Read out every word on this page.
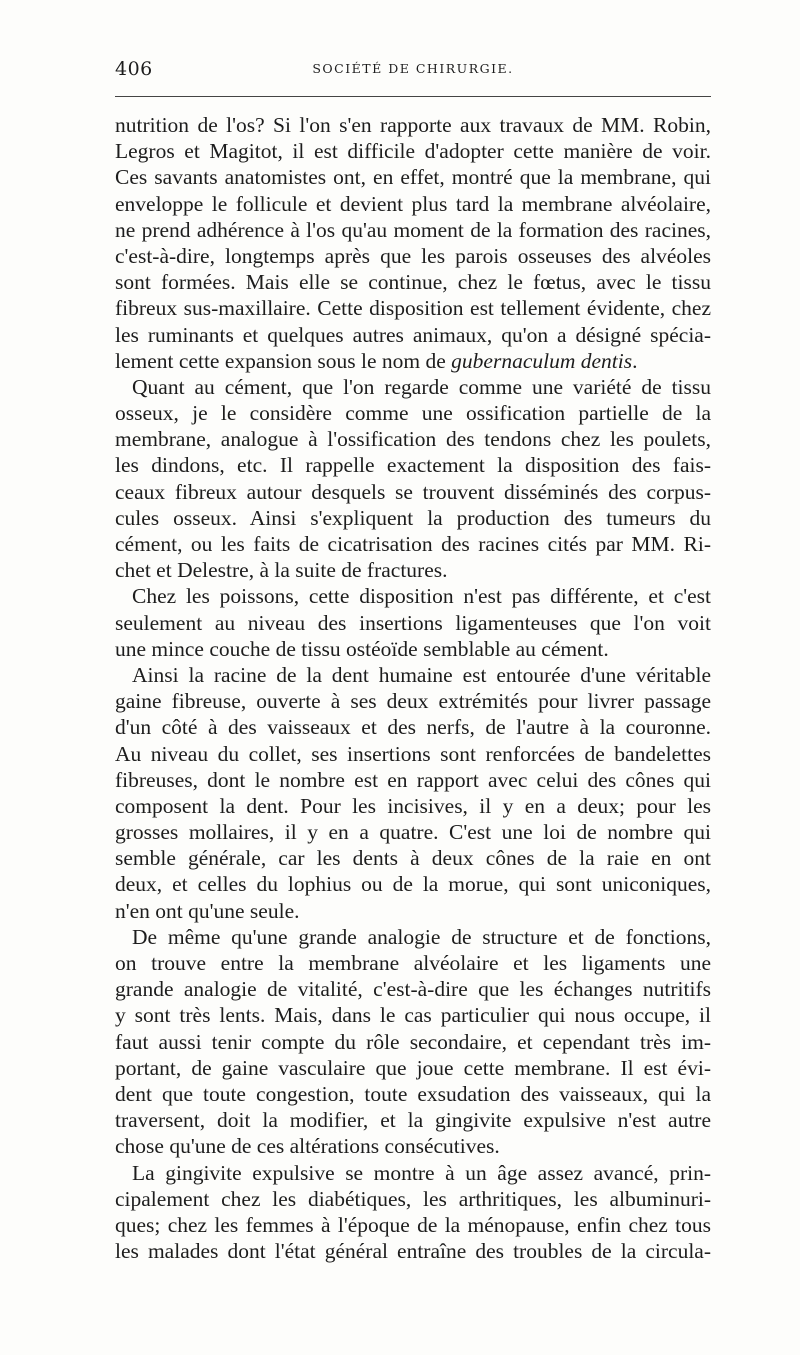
406	SOCIÉTÉ DE CHIRURGIE.
nutrition de l'os? Si l'on s'en rapporte aux travaux de MM. Robin,
Legros et Magitot, il est difficile d'adopter cette manière de voir.
Ces savants anatomistes ont, en effet, montré que la membrane, qui
enveloppe le follicule et devient plus tard la membrane alvéolaire,
ne prend adhérence à l'os qu'au moment de la formation des racines,
c'est-à-dire, longtemps après que les parois osseuses des alvéoles
sont formées. Mais elle se continue, chez le fœtus, avec le tissu
fibreux sus-maxillaire. Cette disposition est tellement évidente, chez
les ruminants et quelques autres animaux, qu'on a désigné spécia-
lement cette expansion sous le nom de gubernaculum dentis.
Quant au cément, que l'on regarde comme une variété de tissu
osseux, je le considère comme une ossification partielle de la
membrane, analogue à l'ossification des tendons chez les poulets,
les dindons, etc. Il rappelle exactement la disposition des fais-
ceaux fibreux autour desquels se trouvent disséminés des corpus-
cules osseux. Ainsi s'expliquent la production des tumeurs du
cément, ou les faits de cicatrisation des racines cités par MM. Ri-
chet et Delestre, à la suite de fractures.
Chez les poissons, cette disposition n'est pas différente, et c'est
seulement au niveau des insertions ligamenteuses que l'on voit
une mince couche de tissu ostéoïde semblable au cément.
Ainsi la racine de la dent humaine est entourée d'une véritable
gaine fibreuse, ouverte à ses deux extrémités pour livrer passage
d'un côté à des vaisseaux et des nerfs, de l'autre à la couronne.
Au niveau du collet, ses insertions sont renforcées de bandelettes
fibreuses, dont le nombre est en rapport avec celui des cônes qui
composent la dent. Pour les incisives, il y en a deux; pour les
grosses mollaires, il y en a quatre. C'est une loi de nombre qui
semble générale, car les dents à deux cônes de la raie en ont
deux, et celles du lophius ou de la morue, qui sont uniconiques,
n'en ont qu'une seule.
De même qu'une grande analogie de structure et de fonctions,
on trouve entre la membrane alvéolaire et les ligaments une
grande analogie de vitalité, c'est-à-dire que les échanges nutritifs
y sont très lents. Mais, dans le cas particulier qui nous occupe, il
faut aussi tenir compte du rôle secondaire, et cependant très im-
portant, de gaine vasculaire que joue cette membrane. Il est évi-
dent que toute congestion, toute exsudation des vaisseaux, qui la
traversent, doit la modifier, et la gingivite expulsive n'est autre
chose qu'une de ces altérations consécutives.
La gingivite expulsive se montre à un âge assez avancé, prin-
cipalement chez les diabétiques, les arthritiques, les albuminuri-
ques; chez les femmes à l'époque de la ménopause, enfin chez tous
les malades dont l'état général entraîne des troubles de la circula-
